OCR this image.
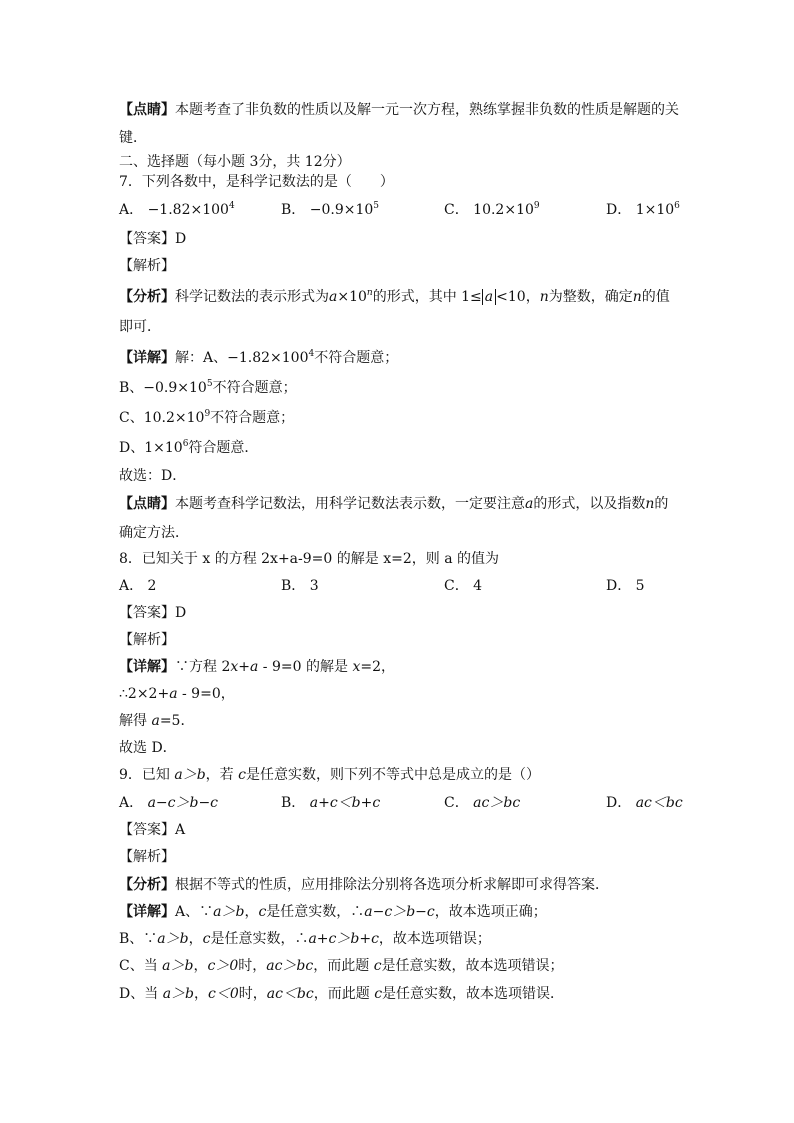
【点睛】本题考查了非负数的性质以及解一元一次方程，熟练掌握非负数的性质是解题的关键．
二、选择题（每小题 3分，共 12分）
7．下列各数中，是科学记数法的是（　　）
A． $-1.82\times 100^4$	B． $-0.9\times 10^5$	C． $10.2\times 10^9$	D． $1\times 10^6$
【答案】D
【解析】
【分析】科学记数法的表示形式为$a\times 10^n$的形式，其中 1≤ a <10，n为整数，确定n的值
即可．
【详解】解：A、$-1.82\times 100^4$不符合题意；
B、$-0.9\times 10^5$不符合题意；
C、$10.2\times 10^9$不符合题意；
D、$1\times 10^6$符合题意．
故选：D．
【点睛】本题考查科学记数法，用科学记数法表示数，一定要注意a的形式，以及指数n的
确定方法．
8．已知关于 x 的方程 2x+a-9=0 的解是 x=2，则 a 的值为
A． 2	B． 3	C． 4	D． 5
【答案】D
【解析】
【详解】∵方程 2x+a - 9=0 的解是 x=2，
∴2×2+a - 9=0，
解得 a=5．
故选 D．
9．已知 a＞b，若 c是任意实数，则下列不等式中总是成立的是（）
A． a−c＞b−c	B． a+c＜b+c	C． ac＞bc	D． ac＜bc
【答案】A
【解析】
【分析】根据不等式的性质，应用排除法分别将各选项分析求解即可求得答案．
【详解】A、∵a＞b，c是任意实数，∴a−c＞b−c，故本选项正确；
B、∵a＞b，c是任意实数，∴a+c＞b+c，故本选项错误；
C、当 a＞b，c＞0时，ac＞bc，而此题 c是任意实数，故本选项错误；
D、当 a＞b，c＜0时，ac＜bc，而此题 c是任意实数，故本选项错误．
